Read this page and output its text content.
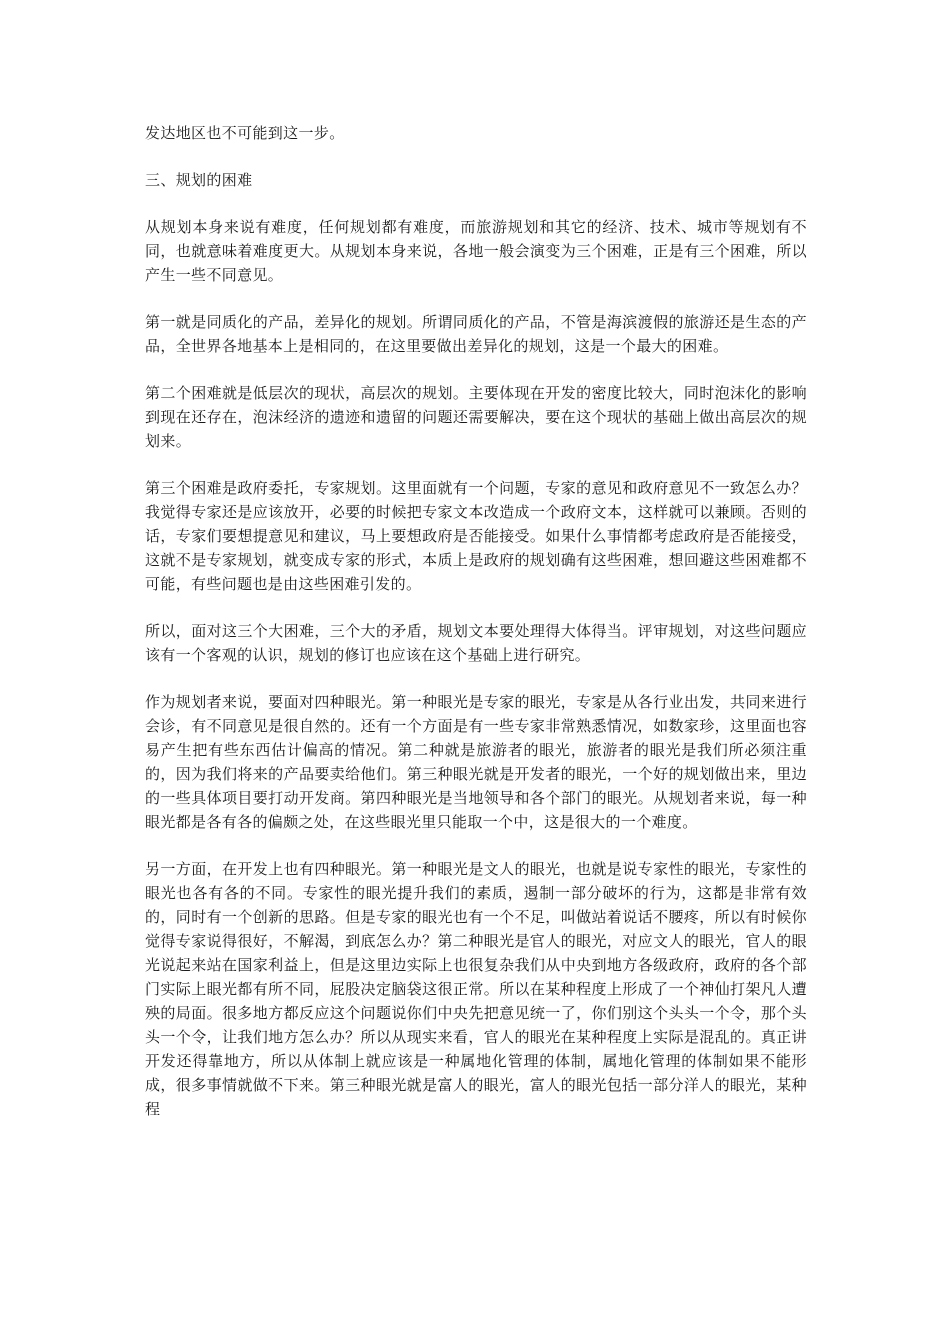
发达地区也不可能到这一步。

三、规划的困难

从规划本身来说有难度，任何规划都有难度，而旅游规划和其它的经济、技术、城市等规划有不同，也就意味着难度更大。从规划本身来说，各地一般会演变为三个困难，正是有三个困难，所以产生一些不同意见。

第一就是同质化的产品，差异化的规划。所谓同质化的产品，不管是海滨渡假的旅游还是生态的产品，全世界各地基本上是相同的，在这里要做出差异化的规划，这是一个最大的困难。

第二个困难就是低层次的现状，高层次的规划。主要体现在开发的密度比较大，同时泡沫化的影响到现在还存在，泡沫经济的遗迹和遗留的问题还需要解决，要在这个现状的基础上做出高层次的规划来。

第三个困难是政府委托，专家规划。这里面就有一个问题，专家的意见和政府意见不一致怎么办？我觉得专家还是应该放开，必要的时候把专家文本改造成一个政府文本，这样就可以兼顾。否则的话，专家们要想提意见和建议，马上要想政府是否能接受。如果什么事情都考虑政府是否能接受，这就不是专家规划，就变成专家的形式，本质上是政府的规划确有这些困难，想回避这些困难都不可能，有些问题也是由这些困难引发的。

所以，面对这三个大困难，三个大的矛盾，规划文本要处理得大体得当。评审规划，对这些问题应该有一个客观的认识，规划的修订也应该在这个基础上进行研究。

作为规划者来说，要面对四种眼光。第一种眼光是专家的眼光，专家是从各行业出发，共同来进行会诊，有不同意见是很自然的。还有一个方面是有一些专家非常熟悉情况，如数家珍，这里面也容易产生把有些东西估计偏高的情况。第二种就是旅游者的眼光，旅游者的眼光是我们所必须注重的，因为我们将来的产品要卖给他们。第三种眼光就是开发者的眼光，一个好的规划做出来，里边的一些具体项目要打动开发商。第四种眼光是当地领导和各个部门的眼光。从规划者来说，每一种眼光都是各有各的偏颇之处，在这些眼光里只能取一个中，这是很大的一个难度。

另一方面，在开发上也有四种眼光。第一种眼光是文人的眼光，也就是说专家性的眼光，专家性的眼光也各有各的不同。专家性的眼光提升我们的素质，遏制一部分破坏的行为，这都是非常有效的，同时有一个创新的思路。但是专家的眼光也有一个不足，叫做站着说话不腰疼，所以有时候你觉得专家说得很好，不解渴，到底怎么办？第二种眼光是官人的眼光，对应文人的眼光，官人的眼光说起来站在国家利益上，但是这里边实际上也很复杂我们从中央到地方各级政府，政府的各个部门实际上眼光都有所不同，屁股决定脑袋这很正常。所以在某种程度上形成了一个神仙打架凡人遭殃的局面。很多地方都反应这个问题说你们中央先把意见统一了，你们别这个头头一个令，那个头头一个令，让我们地方怎么办？所以从现实来看，官人的眼光在某种程度上实际是混乱的。真正讲开发还得靠地方，所以从体制上就应该是一种属地化管理的体制，属地化管理的体制如果不能形成，很多事情就做不下来。第三种眼光就是富人的眼光，富人的眼光包括一部分洋人的眼光，某种程
